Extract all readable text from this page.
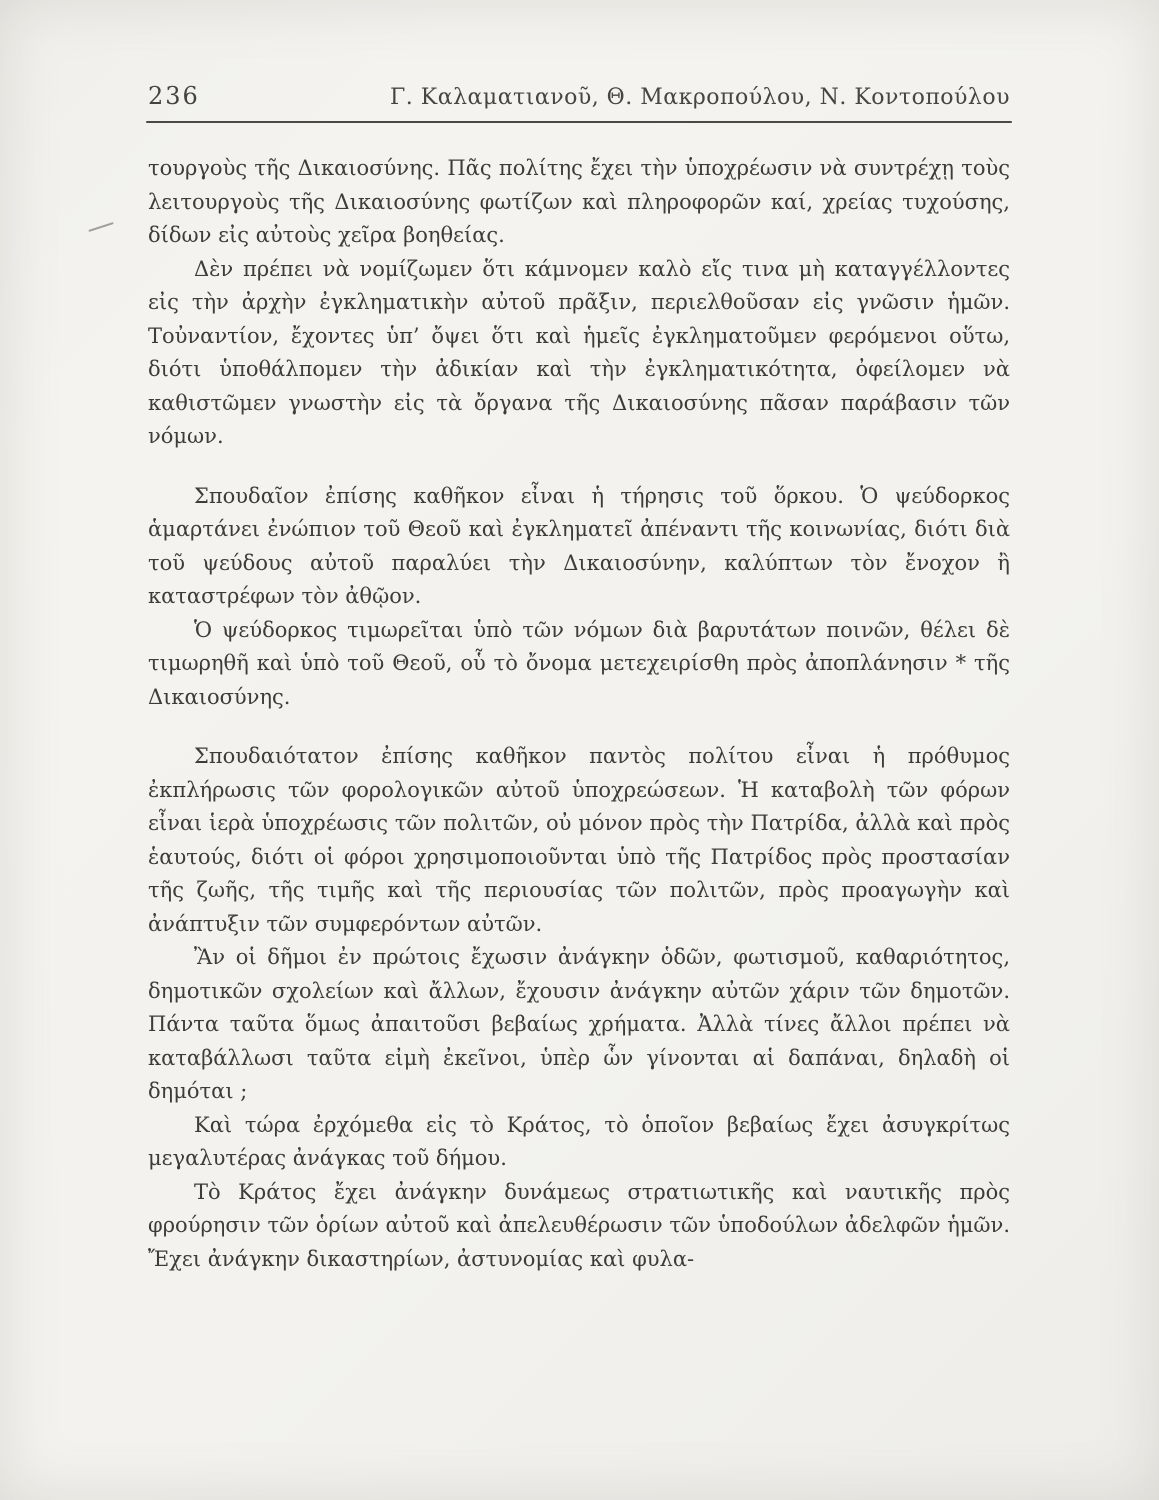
236	Γ. Καλαματιανοῦ, Θ. Μακροπούλου, Ν. Κοντοπούλου

τουργοὺς τῆς Δικαιοσύνης. Πᾶς πολίτης ἔχει τὴν ὑποχρέωσιν νὰ συντρέχῃ τοὺς λειτουργοὺς τῆς Δικαιοσύνης φωτίζων καὶ πληροφορῶν καί, χρείας τυχούσης, δίδων εἰς αὐτοὺς χεῖρα βοηθείας.

Δὲν πρέπει νὰ νομίζωμεν ὅτι κάμνομεν καλὸ εἴς τινα μὴ καταγγέλλοντες εἰς τὴν ἀρχὴν ἐγκληματικὴν αὐτοῦ πρᾶξιν, περιελθοῦσαν εἰς γνῶσιν ἡμῶν. Τοὐναντίον, ἔχοντες ὑπ’ ὄψει ὅτι καὶ ἡμεῖς ἐγκληματοῦμεν φερόμενοι οὕτω, διότι ὑποθάλπομεν τὴν ἀδικίαν καὶ τὴν ἐγκληματικότητα, ὀφείλομεν νὰ καθιστῶμεν γνωστὴν εἰς τὰ ὄργανα τῆς Δικαιοσύνης πᾶσαν παράβασιν τῶν νόμων.

Σπουδαῖον ἐπίσης καθῆκον εἶναι ἡ τήρησις τοῦ ὅρκου. Ὁ ψεύδορκος ἁμαρτάνει ἐνώπιον τοῦ Θεοῦ καὶ ἐγκληματεῖ ἀπέναντι τῆς κοινωνίας, διότι διὰ τοῦ ψεύδους αὐτοῦ παραλύει τὴν Δικαιοσύνην, καλύπτων τὸν ἔνοχον ἢ καταστρέφων τὸν ἀθῷον.

Ὁ ψεύδορκος τιμωρεῖται ὑπὸ τῶν νόμων διὰ βαρυτάτων ποινῶν, θέλει δὲ τιμωρηθῆ καὶ ὑπὸ τοῦ Θεοῦ, οὗ τὸ ὄνομα μετεχειρίσθη πρὸς ἀποπλάνησιν * τῆς Δικαιοσύνης.

Σπουδαιότατον ἐπίσης καθῆκον παντὸς πολίτου εἶναι ἡ πρόθυμος ἐκπλήρωσις τῶν φορολογικῶν αὐτοῦ ὑποχρεώσεων. Ἡ καταβολὴ τῶν φόρων εἶναι ἱερὰ ὑποχρέωσις τῶν πολιτῶν, οὐ μόνον πρὸς τὴν Πατρίδα, ἀλλὰ καὶ πρὸς ἑαυτούς, διότι οἱ φόροι χρησιμοποιοῦνται ὑπὸ τῆς Πατρίδος πρὸς προστασίαν τῆς ζωῆς, τῆς τιμῆς καὶ τῆς περιουσίας τῶν πολιτῶν, πρὸς προαγωγὴν καὶ ἀνάπτυξιν τῶν συμφερόντων αὐτῶν.

Ἂν οἱ δῆμοι ἐν πρώτοις ἔχωσιν ἀνάγκην ὁδῶν, φωτισμοῦ, καθαριότητος, δημοτικῶν σχολείων καὶ ἄλλων, ἔχουσιν ἀνάγκην αὐτῶν χάριν τῶν δημοτῶν. Πάντα ταῦτα ὅμως ἀπαιτοῦσι βεβαίως χρήματα. Ἀλλὰ τίνες ἄλλοι πρέπει νὰ καταβάλλωσι ταῦτα εἰμὴ ἐκεῖνοι, ὑπὲρ ὧν γίνονται αἱ δαπάναι, δηλαδὴ οἱ δημόται ;

Καὶ τώρα ἐρχόμεθα εἰς τὸ Κράτος, τὸ ὁποῖον βεβαίως ἔχει ἀσυγκρίτως μεγαλυτέρας ἀνάγκας τοῦ δήμου.

Τὸ Κράτος ἔχει ἀνάγκην δυνάμεως στρατιωτικῆς καὶ ναυτικῆς πρὸς φρούρησιν τῶν ὁρίων αὐτοῦ καὶ ἀπελευθέρωσιν τῶν ὑποδούλων ἀδελφῶν ἡμῶν. Ἔχει ἀνάγκην δικαστηρίων, ἀστυνομίας καὶ φυλα-
